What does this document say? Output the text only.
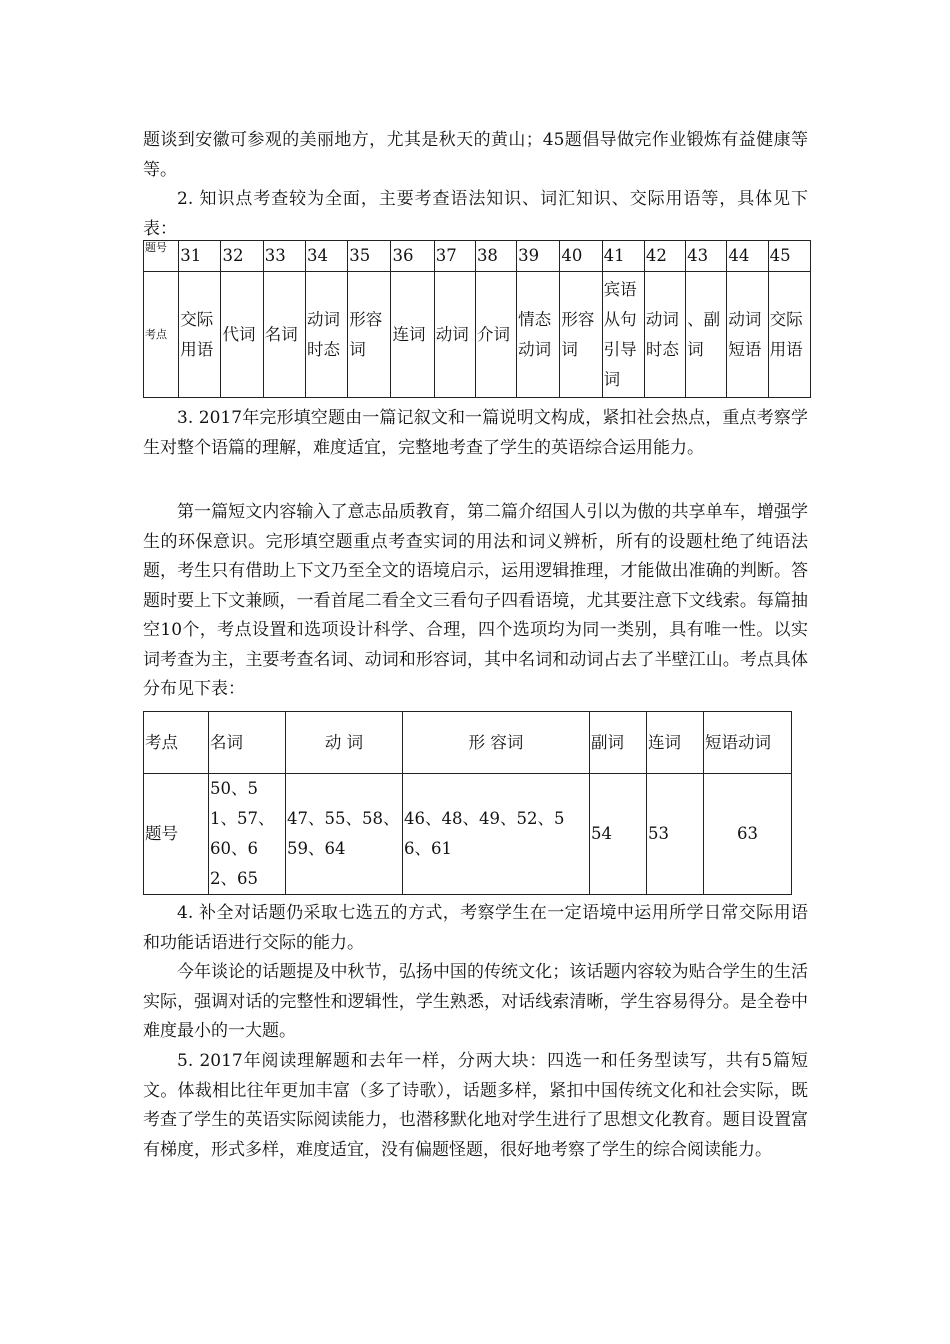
题谈到安徽可参观的美丽地方，尤其是秋天的黄山；45题倡导做完作业锻炼有益健康等等。

2. 知识点考查较为全面，主要考查语法知识、词汇知识、交际用语等，具体见下表：

题号	31	32	33	34	35	36	37	38	39	40	41	42	43	44	45
考点	交际用语	代词	名词	动词时态	形容词	连词	动词	介词	情态动词	形容词	宾语从句引导词	动词时态	、副词	动词短语	交际用语

3. 2017年完形填空题由一篇记叙文和一篇说明文构成，紧扣社会热点，重点考察学生对整个语篇的理解，难度适宜，完整地考查了学生的英语综合运用能力。

第一篇短文内容输入了意志品质教育，第二篇介绍国人引以为傲的共享单车，增强学生的环保意识。完形填空题重点考查实词的用法和词义辨析，所有的设题杜绝了纯语法题，考生只有借助上下文乃至全文的语境启示，运用逻辑推理，才能做出准确的判断。答题时要上下文兼顾，一看首尾二看全文三看句子四看语境，尤其要注意下文线索。每篇抽空10个，考点设置和选项设计科学、合理，四个选项均为同一类别，具有唯一性。以实词考查为主，主要考查名词、动词和形容词，其中名词和动词占去了半壁江山。考点具体分布见下表：

考点	名词	动 词	形 容词	副词	连词	短语动词
题号	50、51、57、60、62、65	47、55、58、59、64	46、48、49、52、56、61	54	53	63

4. 补全对话题仍采取七选五的方式，考察学生在一定语境中运用所学日常交际用语和功能话语进行交际的能力。

今年谈论的话题提及中秋节，弘扬中国的传统文化；该话题内容较为贴合学生的生活实际，强调对话的完整性和逻辑性，学生熟悉，对话线索清晰，学生容易得分。是全卷中难度最小的一大题。

5. 2017年阅读理解题和去年一样，分两大块：四选一和任务型读写，共有5篇短文。体裁相比往年更加丰富（多了诗歌），话题多样，紧扣中国传统文化和社会实际，既考查了学生的英语实际阅读能力，也潜移默化地对学生进行了思想文化教育。题目设置富有梯度，形式多样，难度适宜，没有偏题怪题，很好地考察了学生的综合阅读能力。
